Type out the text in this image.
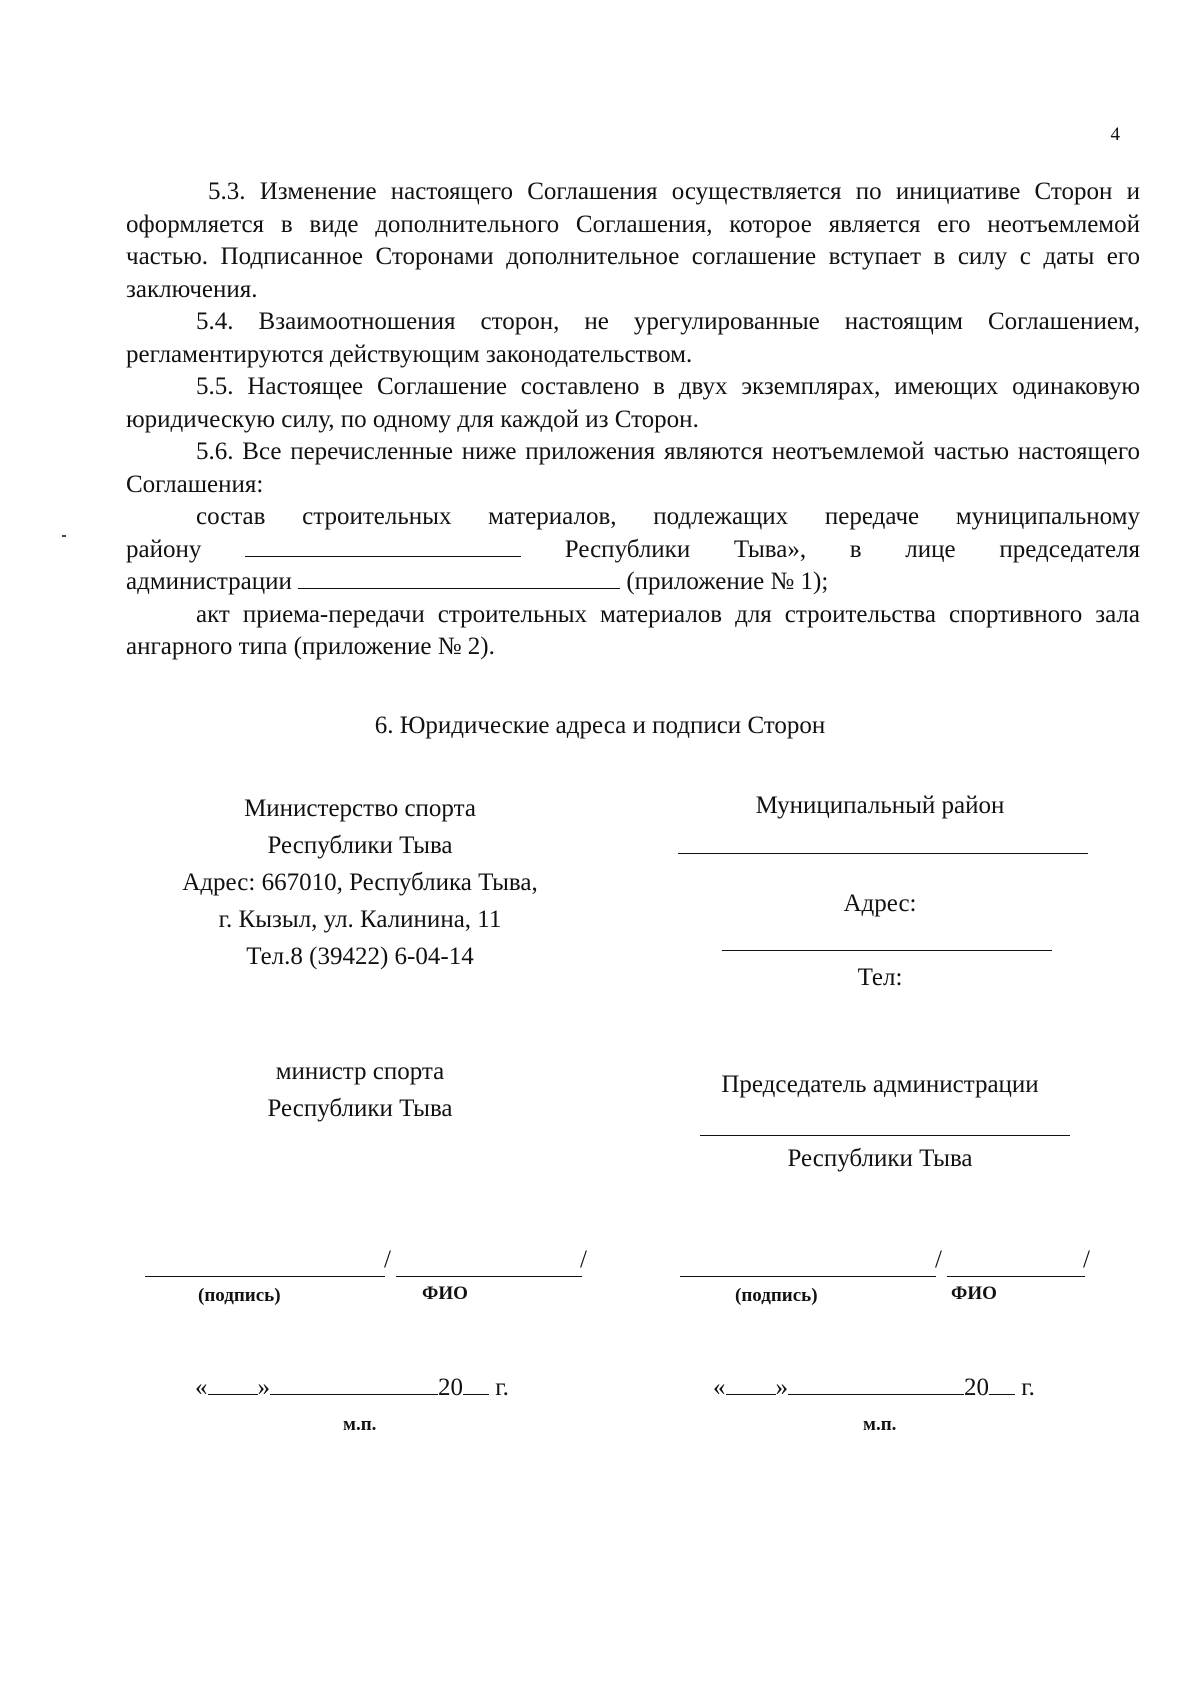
4

5.3. Изменение настоящего Соглашения осуществляется по инициативе Сторон и оформляется в виде дополнительного Соглашения, которое является его неотъемлемой частью. Подписанное Сторонами дополнительное соглашение вступает в силу с даты его заключения.

5.4. Взаимоотношения сторон, не урегулированные настоящим Соглашением, регламентируются действующим законодательством.

5.5. Настоящее Соглашение составлено в двух экземплярах, имеющих одинаковую юридическую силу, по одному для каждой из Сторон.

5.6. Все перечисленные ниже приложения являются неотъемлемой частью настоящего Соглашения:

состав строительных материалов, подлежащих передаче муниципальному

району	Республики Тыва», в лице председателя

администрации	(приложение № 1);

акт приема-передачи строительных материалов для строительства спортивного зала ангарного типа (приложение № 2).

6. Юридические адреса и подписи Сторон
Министерство спорта
Республики Тыва
Адрес: 667010, Республика Тыва,
г. Кызыл, ул. Калинина, 11
Тел.8 (39422) 6-04-14
министр спорта
Республики Тыва
Муниципальный район
Адрес:
Тел:
Председатель администрации
Республики Тыва
/	/
(подпись)	ФИО
/	/
(подпись)	ФИО
« »	20 г.
м.п.
« »	20 г.
м.п.
